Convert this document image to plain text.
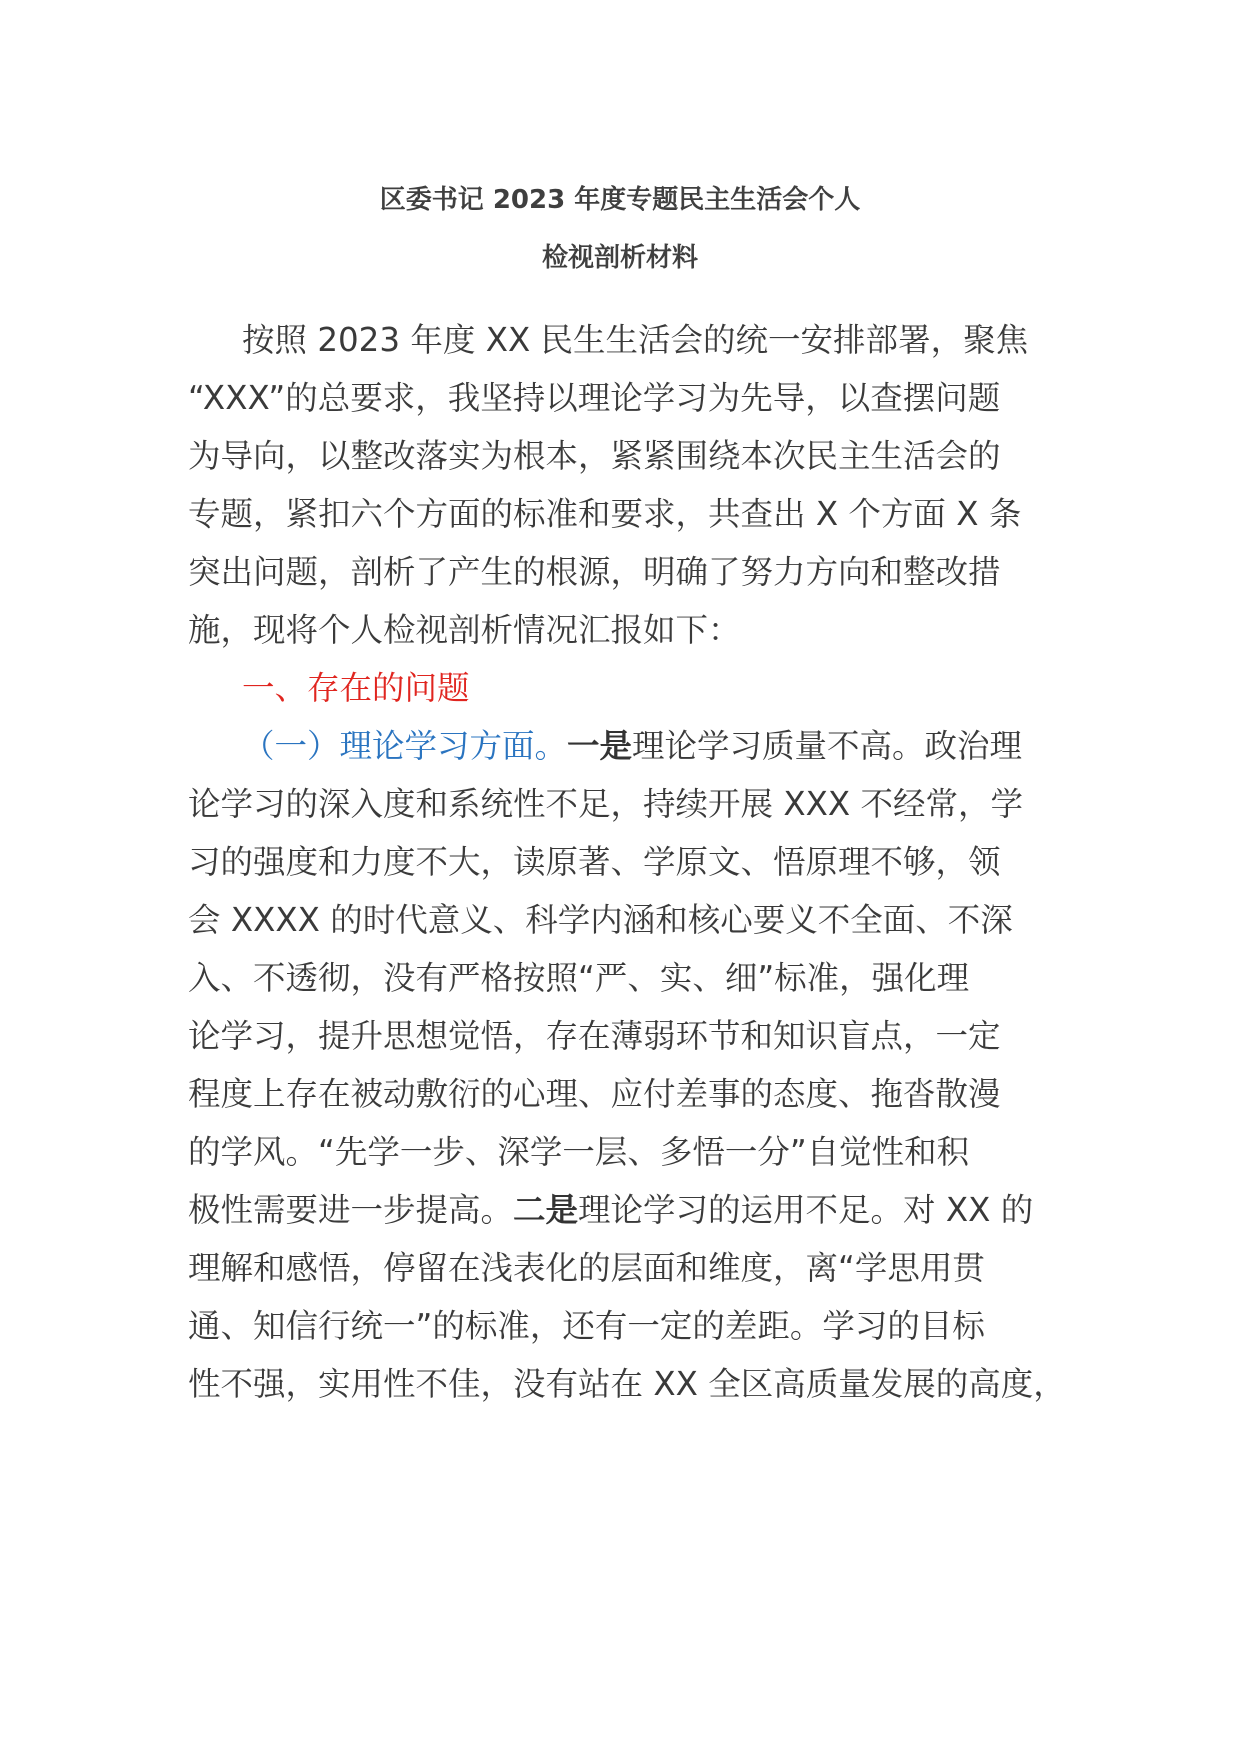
区委书记 2023 年度专题民主生活会个人
检视剖析材料
按照 2023 年度 XX 民生生活会的统一安排部署，聚焦
“XXX”的总要求，我坚持以理论学习为先导，以查摆问题
为导向，以整改落实为根本，紧紧围绕本次民主生活会的
专题，紧扣六个方面的标准和要求，共查出 X 个方面 X 条
突出问题，剖析了产生的根源，明确了努力方向和整改措
施，现将个人检视剖析情况汇报如下：
一、存在的问题
（一）理论学习方面。一是理论学习质量不高。政治理
论学习的深入度和系统性不足，持续开展 XXX 不经常，学
习的强度和力度不大，读原著、学原文、悟原理不够，领
会 XXXX 的时代意义、科学内涵和核心要义不全面、不深
入、不透彻，没有严格按照“严、实、细”标准，强化理
论学习，提升思想觉悟，存在薄弱环节和知识盲点，一定
程度上存在被动敷衍的心理、应付差事的态度、拖沓散漫
的学风。“先学一步、深学一层、多悟一分”自觉性和积
极性需要进一步提高。二是理论学习的运用不足。对 XX 的
理解和感悟，停留在浅表化的层面和维度，离“学思用贯
通、知信行统一”的标准，还有一定的差距。学习的目标
性不强，实用性不佳，没有站在 XX 全区高质量发展的高度，
